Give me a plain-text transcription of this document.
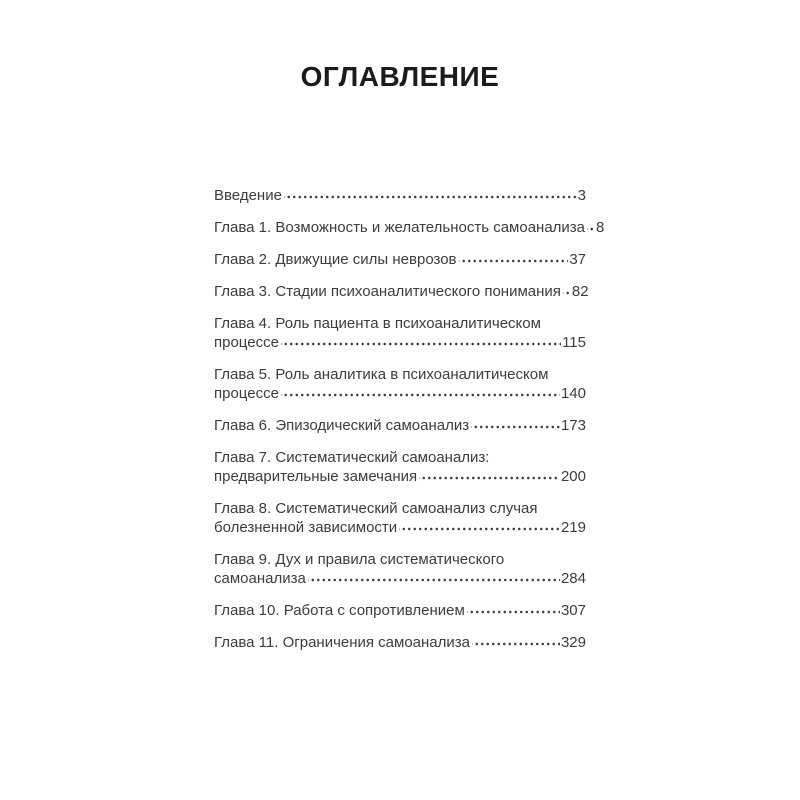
ОГЛАВЛЕНИЕ
Введение	3
Глава 1. Возможность и желательность самоанализа 8
Глава 2. Движущие силы неврозов	37
Глава 3. Стадии психоаналитического понимания 82
Глава 4. Роль пациента в психоаналитическом
процессе	115
Глава 5. Роль аналитика в психоаналитическом
процессе	140
Глава 6. Эпизодический самоанализ	173
Глава 7. Систематический самоанализ:
предварительные замечания	200
Глава 8. Систематический самоанализ случая
болезненной зависимости	219
Глава 9. Дух и правила систематического
самоанализа	284
Глава 10. Работа с сопротивлением	307
Глава 11. Ограничения самоанализа	329
